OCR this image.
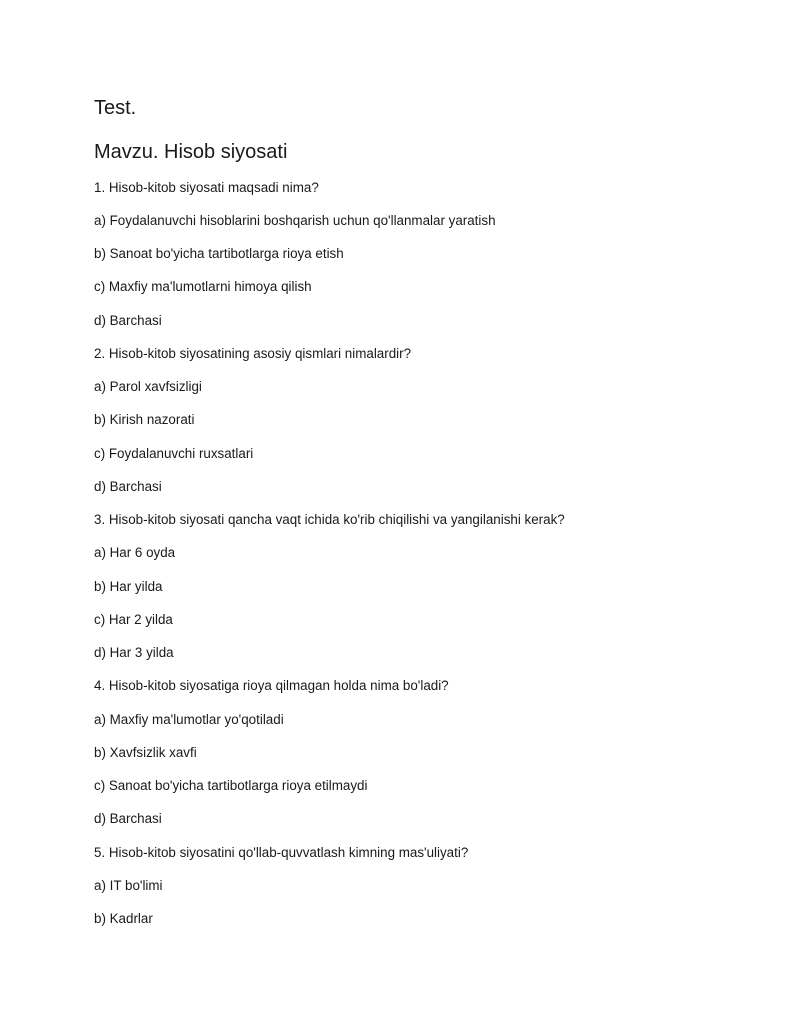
Test.
Mavzu. Hisob siyosati
1. Hisob-kitob siyosati maqsadi nima?
a) Foydalanuvchi hisoblarini boshqarish uchun qo'llanmalar yaratish
b) Sanoat bo'yicha tartibotlarga rioya etish
c) Maxfiy ma'lumotlarni himoya qilish
d) Barchasi
2. Hisob-kitob siyosatining asosiy qismlari nimalardir?
a) Parol xavfsizligi
b) Kirish nazorati
c) Foydalanuvchi ruxsatlari
d) Barchasi
3. Hisob-kitob siyosati qancha vaqt ichida ko'rib chiqilishi va yangilanishi kerak?
a) Har 6 oyda
b) Har yilda
c) Har 2 yilda
d) Har 3 yilda
4. Hisob-kitob siyosatiga rioya qilmagan holda nima bo'ladi?
a) Maxfiy ma'lumotlar yo'qotiladi
b) Xavfsizlik xavfi
c) Sanoat bo'yicha tartibotlarga rioya etilmaydi
d) Barchasi
5. Hisob-kitob siyosatini qo'llab-quvvatlash kimning mas'uliyati?
a) IT bo'limi
b) Kadrlar
